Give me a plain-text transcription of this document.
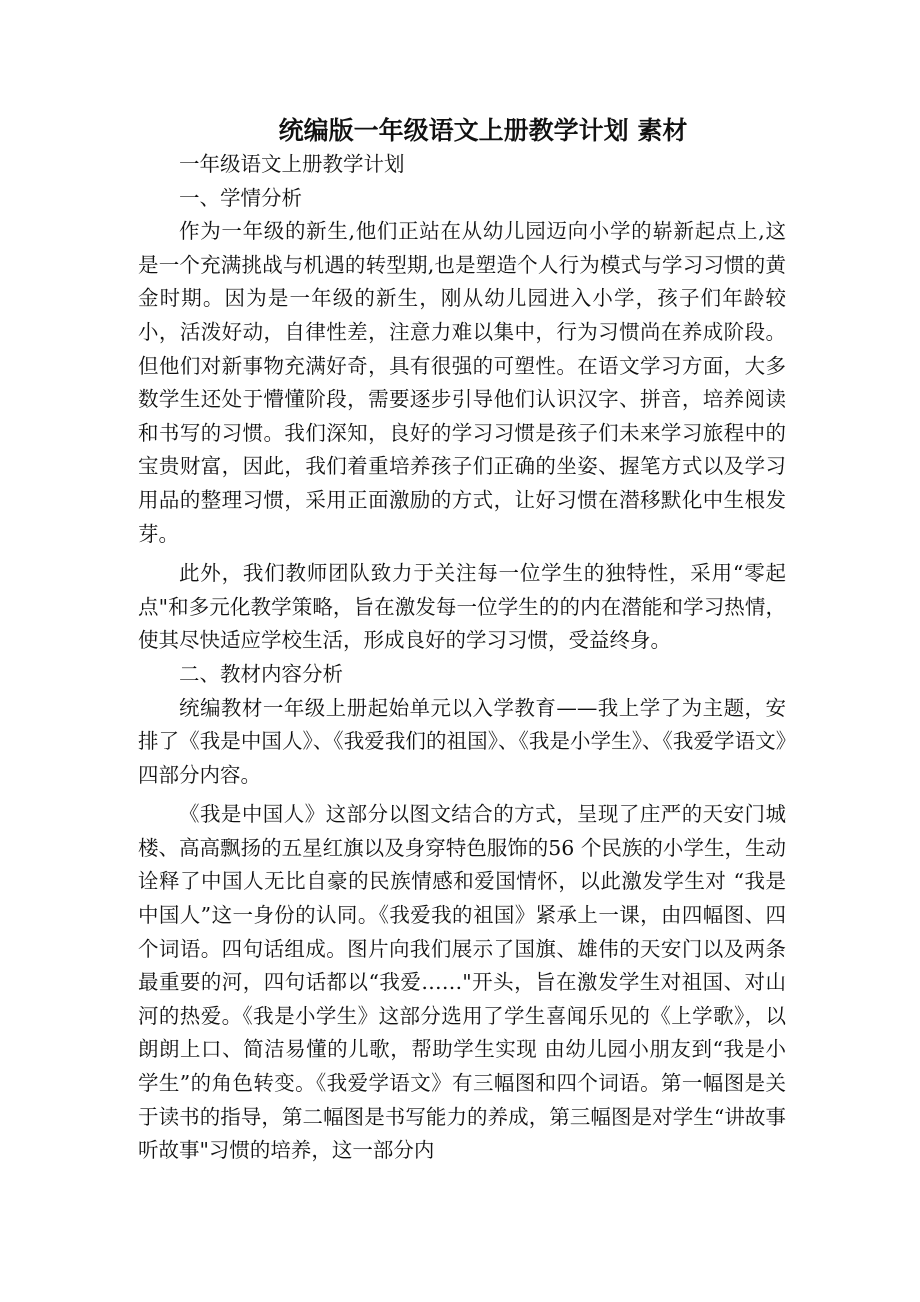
统编版一年级语文上册教学计划 素材

一年级语文上册教学计划

一、学情分析

作为一年级的新生,他们正站在从幼儿园迈向小学的崭新起点上,这是一个充满挑战与机遇的转型期,也是塑造个人行为模式与学习习惯的黄金时期。因为是一年级的新生，刚从幼儿园进入小学，孩子们年龄较小，活泼好动，自律性差，注意力难以集中，行为习惯尚在养成阶段。但他们对新事物充满好奇，具有很强的可塑性。在语文学习方面，大多数学生还处于懵懂阶段，需要逐步引导他们认识汉字、拼音，培养阅读和书写的习惯。我们深知，良好的学习习惯是孩子们未来学习旅程中的宝贵财富，因此，我们着重培养孩子们正确的坐姿、握笔方式以及学习用品的整理习惯，采用正面激励的方式，让好习惯在潜移默化中生根发芽。

此外，我们教师团队致力于关注每一位学生的独特性，采用“零起点"和多元化教学策略，旨在激发每一位学生的的内在潜能和学习热情，使其尽快适应学校生活，形成良好的学习习惯，受益终身。

二、教材内容分析

统编教材一年级上册起始单元以入学教育——我上学了为主题，安排了《我是中国人》、《我爱我们的祖国》、《我是小学生》、《我爱学语文》四部分内容。

《我是中国人》这部分以图文结合的方式，呈现了庄严的天安门城楼、高高飘扬的五星红旗以及身穿特色服饰的56 个民族的小学生，生动诠释了中国人无比自豪的民族情感和爱国情怀，以此激发学生对 “我是中国人”这一身份的认同。《我爱我的祖国》紧承上一课，由四幅图、四个词语。四句话组成。图片向我们展示了国旗、雄伟的天安门以及两条最重要的河，四句话都以“我爱……"开头，旨在激发学生对祖国、对山河的热爱。《我是小学生》这部分选用了学生喜闻乐见的《上学歌》，以朗朗上口、简洁易懂的儿歌，帮助学生实现 由幼儿园小朋友到“我是小学生”的角色转变。《我爱学语文》有三幅图和四个词语。第一幅图是关于读书的指导，第二幅图是书写能力的养成，第三幅图是对学生“讲故事 听故事"习惯的培养，这一部分内
